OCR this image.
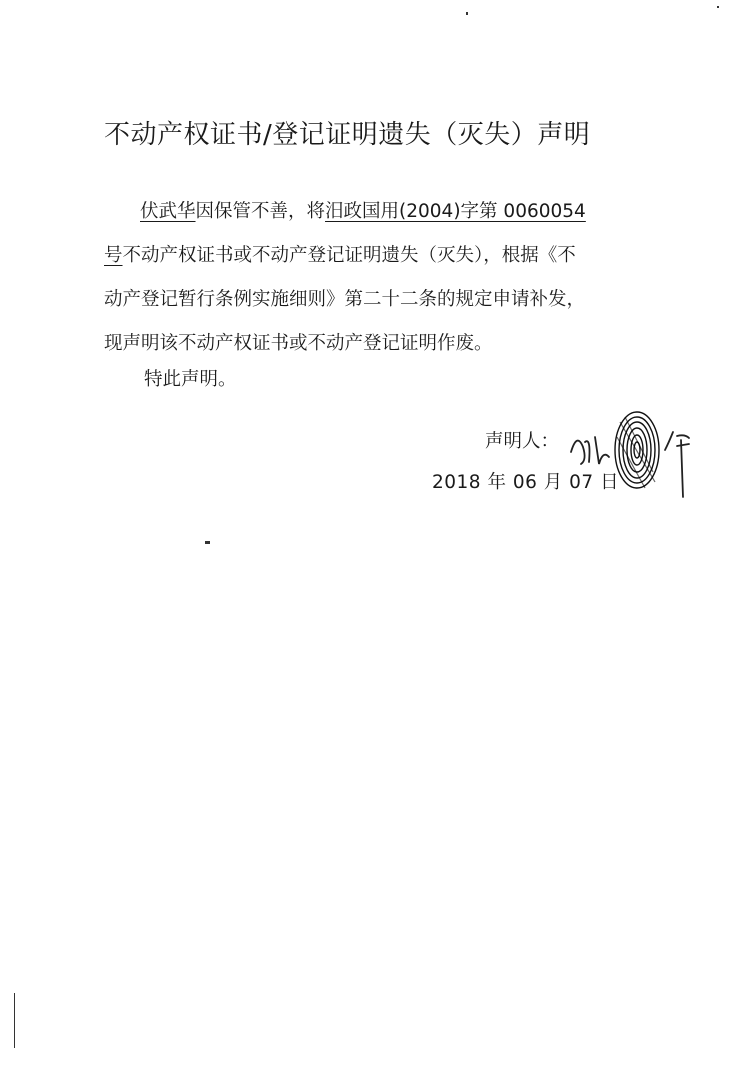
不动产权证书/登记证明遗失（灭失）声明
伏武华因保管不善，将汨政国用(2004)字第 0060054
号不动产权证书或不动产登记证明遗失（灭失），根据《不
动产登记暂行条例实施细则》第二十二条的规定申请补发，
现声明该不动产权证书或不动产登记证明作废。
特此声明。
声明人：
2018 年 06 月 07 日
